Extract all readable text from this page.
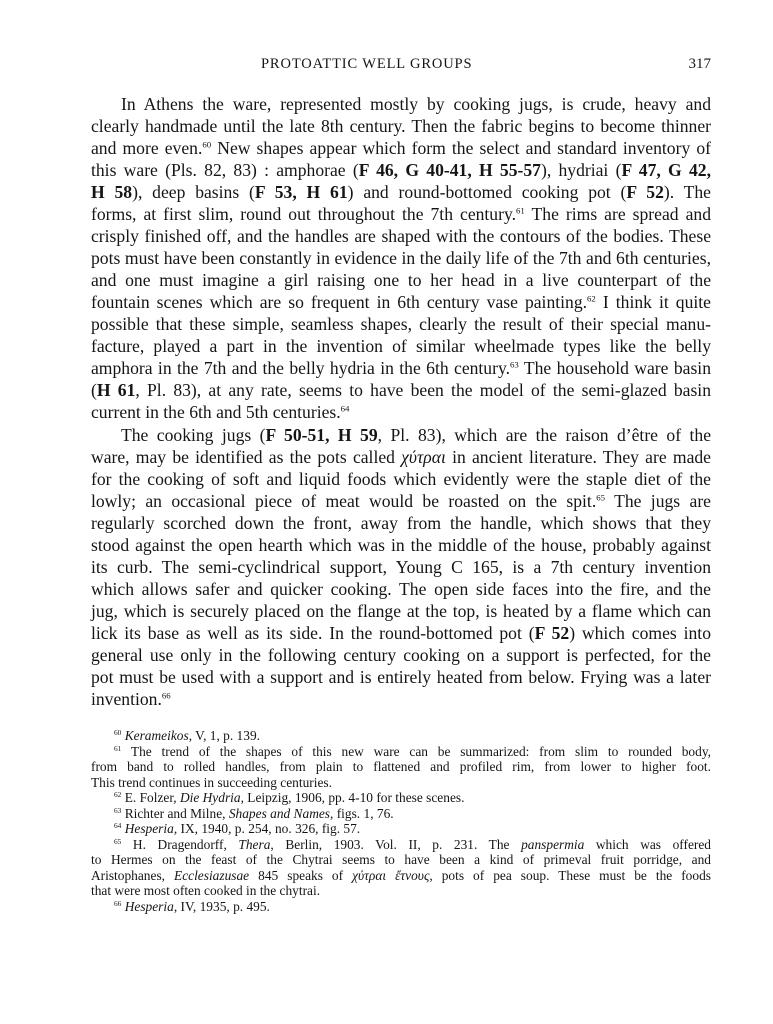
PROTOATTIC WELL GROUPS	317
In Athens the ware, represented mostly by cooking jugs, is crude, heavy and
clearly handmade until the late 8th century. Then the fabric begins to become thinner
and more even.$^{60}$ New shapes appear which form the select and standard inventory of
this ware (Pls. 82, 83) : amphorae (F 46, G 40-41, H 55-57), hydriai (F 47, G 42,
H 58), deep basins (F 53, H 61) and round-bottomed cooking pot (F 52). The
forms, at first slim, round out throughout the 7th century.$^{61}$ The rims are spread and
crisply finished off, and the handles are shaped with the contours of the bodies. These
pots must have been constantly in evidence in the daily life of the 7th and 6th centuries,
and one must imagine a girl raising one to her head in a live counterpart of the
fountain scenes which are so frequent in 6th century vase painting.$^{62}$ I think it quite
possible that these simple, seamless shapes, clearly the result of their special manu-
facture, played a part in the invention of similar wheelmade types like the belly
amphora in the 7th and the belly hydria in the 6th century.$^{63}$ The household ware basin
(H 61, Pl. 83), at any rate, seems to have been the model of the semi-glazed basin
current in the 6th and 5th centuries.$^{64}$
The cooking jugs (F 50-51, H 59, Pl. 83), which are the raison d’être of the
ware, may be identified as the pots called χύτραι in ancient literature. They are made
for the cooking of soft and liquid foods which evidently were the staple diet of the
lowly; an occasional piece of meat would be roasted on the spit.$^{65}$ The jugs are
regularly scorched down the front, away from the handle, which shows that they
stood against the open hearth which was in the middle of the house, probably against
its curb. The semi-cyclindrical support, Young C 165, is a 7th century invention
which allows safer and quicker cooking. The open side faces into the fire, and the
jug, which is securely placed on the flange at the top, is heated by a flame which can
lick its base as well as its side. In the round-bottomed pot (F 52) which comes into
general use only in the following century cooking on a support is perfected, for the
pot must be used with a support and is entirely heated from below. Frying was a later
invention.$^{66}$
$^{60}$ Kerameikos, V, 1, p. 139.
$^{61}$ The trend of the shapes of this new ware can be summarized: from slim to rounded body,
from band to rolled handles, from plain to flattened and profiled rim, from lower to higher foot.
This trend continues in succeeding centuries.
$^{62}$ E. Folzer, Die Hydria, Leipzig, 1906, pp. 4-10 for these scenes.
$^{63}$ Richter and Milne, Shapes and Names, figs. 1, 76.
$^{64}$ Hesperia, IX, 1940, p. 254, no. 326, fig. 57.
$^{65}$ H. Dragendorff, Thera, Berlin, 1903. Vol. II, p. 231. The panspermia which was offered
to Hermes on the feast of the Chytrai seems to have been a kind of primeval fruit porridge, and
Aristophanes, Ecclesiazusae 845 speaks of χύτραι ἔτνους, pots of pea soup. These must be the foods
that were most often cooked in the chytrai.
$^{66}$ Hesperia, IV, 1935, p. 495.
